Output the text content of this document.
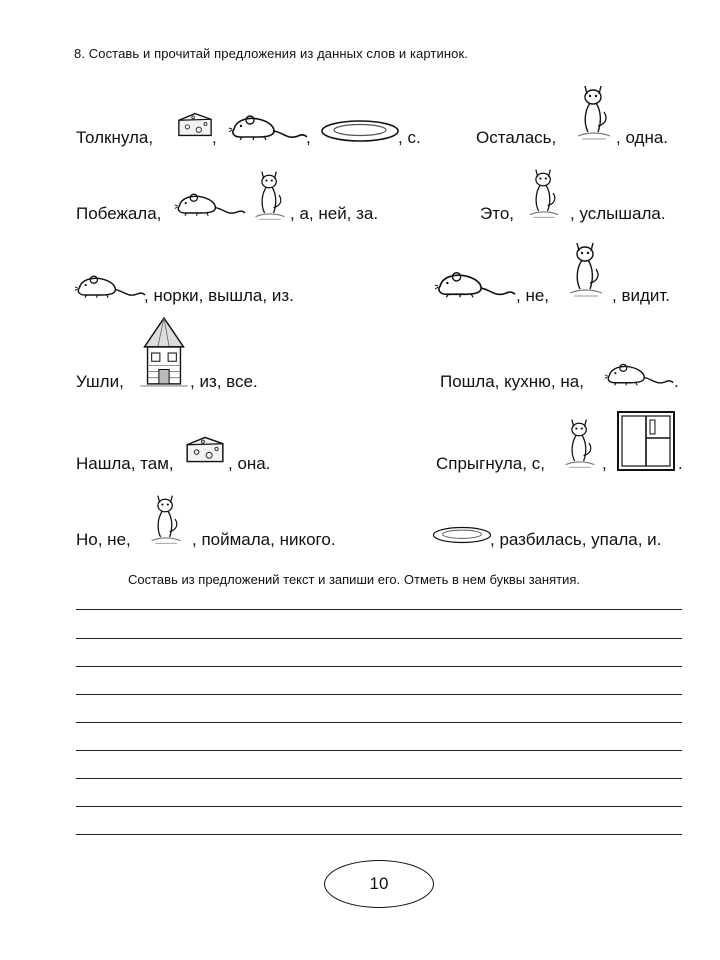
8. Составь и прочитай предложения из данных слов и картинок.
Толкнула,	,	,	, с.
Побежала,	, а, ней, за.
, норки, вышла, из.
Ушли,	, из, все.
Нашла, там,	, она.
Но, не,	, поймала, никого.
Осталась,	, одна.
Это,	, услышала.
, не,	, видит.
Пошла, кухню, на,	.
Спрыгнула, с,	,	.
, разбилась, упала, и.
Составь из предложений текст и запиши его. Отметь в нем буквы занятия.
10
